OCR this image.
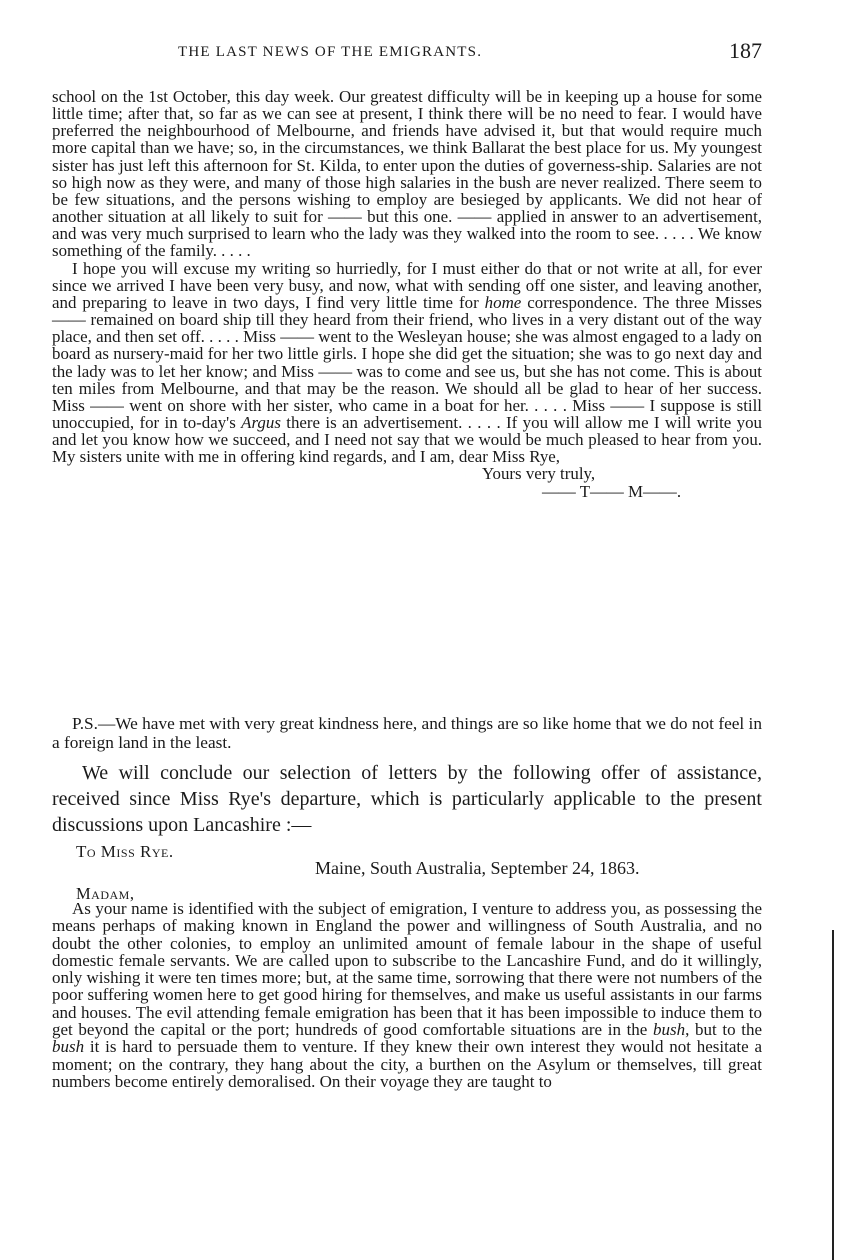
THE LAST NEWS OF THE EMIGRANTS.	187

school on the 1st October, this day week. Our greatest difficulty will be in keeping up a house for some little time; after that, so far as we can see at present, I think there will be no need to fear. I would have preferred the neighbourhood of Melbourne, and friends have advised it, but that would require much more capital than we have; so, in the circumstances, we think Ballarat the best place for us. My youngest sister has just left this afternoon for St. Kilda, to enter upon the duties of governess-ship. Salaries are not so high now as they were, and many of those high salaries in the bush are never realized. There seem to be few situations, and the persons wishing to employ are besieged by applicants. We did not hear of another situation at all likely to suit for —— but this one. —— applied in answer to an advertisement, and was very much surprised to learn who the lady was they walked into the room to see. . . . . We know something of the family. . . . .

I hope you will excuse my writing so hurriedly, for I must either do that or not write at all, for ever since we arrived I have been very busy, and now, what with sending off one sister, and leaving another, and preparing to leave in two days, I find very little time for home correspondence. The three Misses —— remained on board ship till they heard from their friend, who lives in a very distant out of the way place, and then set off. . . . . Miss —— went to the Wesleyan house; she was almost engaged to a lady on board as nursery-maid for her two little girls. I hope she did get the situation; she was to go next day and the lady was to let her know; and Miss —— was to come and see us, but she has not come. This is about ten miles from Melbourne, and that may be the reason. We should all be glad to hear of her success. Miss —— went on shore with her sister, who came in a boat for her. . . . . Miss —— I suppose is still unoccupied, for in to-day's Argus there is an advertisement. . . . . If you will allow me I will write you and let you know how we succeed, and I need not say that we would be much pleased to hear from you. My sisters unite with me in offering kind regards, and I am, dear Miss Rye,

Yours very truly,

—— T—— M——.

P.S.—We have met with very great kindness here, and things are so like home that we do not feel in a foreign land in the least.

We will conclude our selection of letters by the following offer of assistance, received since Miss Rye's departure, which is particularly applicable to the present discussions upon Lancashire :—

To Miss Rye.
Maine, South Australia, September 24, 1863.
Madam,

As your name is identified with the subject of emigration, I venture to address you, as possessing the means perhaps of making known in England the power and willingness of South Australia, and no doubt the other colonies, to employ an unlimited amount of female labour in the shape of useful domestic female servants. We are called upon to subscribe to the Lancashire Fund, and do it willingly, only wishing it were ten times more; but, at the same time, sorrowing that there were not numbers of the poor suffering women here to get good hiring for themselves, and make us useful assistants in our farms and houses. The evil attending female emigration has been that it has been impossible to induce them to get beyond the capital or the port; hundreds of good comfortable situations are in the bush, but to the bush it is hard to persuade them to venture. If they knew their own interest they would not hesitate a moment; on the contrary, they hang about the city, a burthen on the Asylum or themselves, till great numbers become entirely demoralised. On their voyage they are taught to
